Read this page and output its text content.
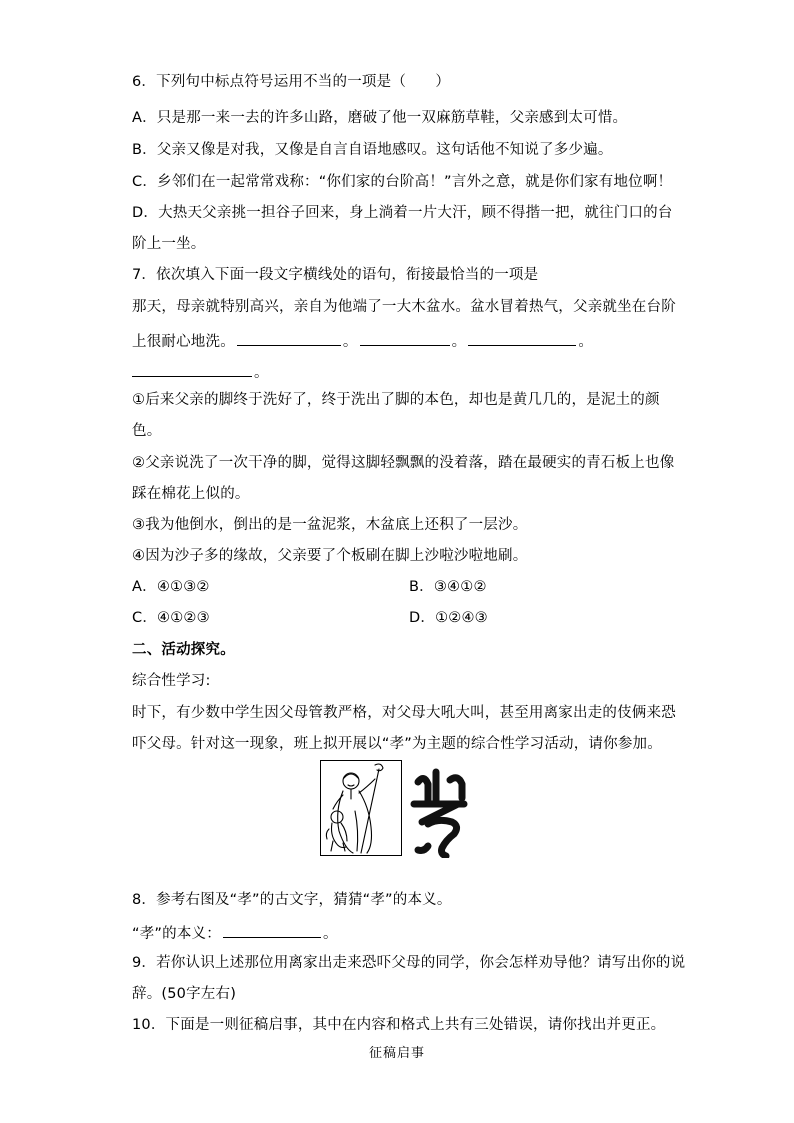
6．下列句中标点符号运用不当的一项是（　　）
A．只是那一来一去的许多山路，磨破了他一双麻筋草鞋，父亲感到太可惜。
B．父亲又像是对我，又像是自言自语地感叹。这句话他不知说了多少遍。
C．乡邻们在一起常常戏称：“你们家的台阶高！”言外之意，就是你们家有地位啊！
D．大热天父亲挑一担谷子回来，身上淌着一片大汗，顾不得揩一把，就往门口的台
阶上一坐。
7．依次填入下面一段文字横线处的语句，衔接最恰当的一项是
那天，母亲就特别高兴，亲自为他端了一大木盆水。盆水冒着热气，父亲就坐在台阶
上很耐心地洗。	。	。	。
。
①后来父亲的脚终于洗好了，终于洗出了脚的本色，却也是黄几几的，是泥土的颜
色。
②父亲说洗了一次干净的脚，觉得这脚轻飘飘的没着落，踏在最硬实的青石板上也像
踩在棉花上似的。
③我为他倒水，倒出的是一盆泥浆，木盆底上还积了一层沙。
④因为沙子多的缘故，父亲要了个板刷在脚上沙啦沙啦地刷。
A．④①③②	B．③④①②
C．④①②③	D．①②④③
二、活动探究。
综合性学习:
时下，有少数中学生因父母管教严格，对父母大吼大叫，甚至用离家出走的伎俩来恐
吓父母。针对这一现象，班上拟开展以“孝”为主题的综合性学习活动，请你参加。
8．参考右图及“孝”的古文字，猜猜“孝”的本义。
“孝”的本义：	。
9．若你认识上述那位用离家出走来恐吓父母的同学，你会怎样劝导他？请写出你的说
辞。(50字左右)
10．下面是一则征稿启事，其中在内容和格式上共有三处错误，请你找出并更正。
征稿启事
